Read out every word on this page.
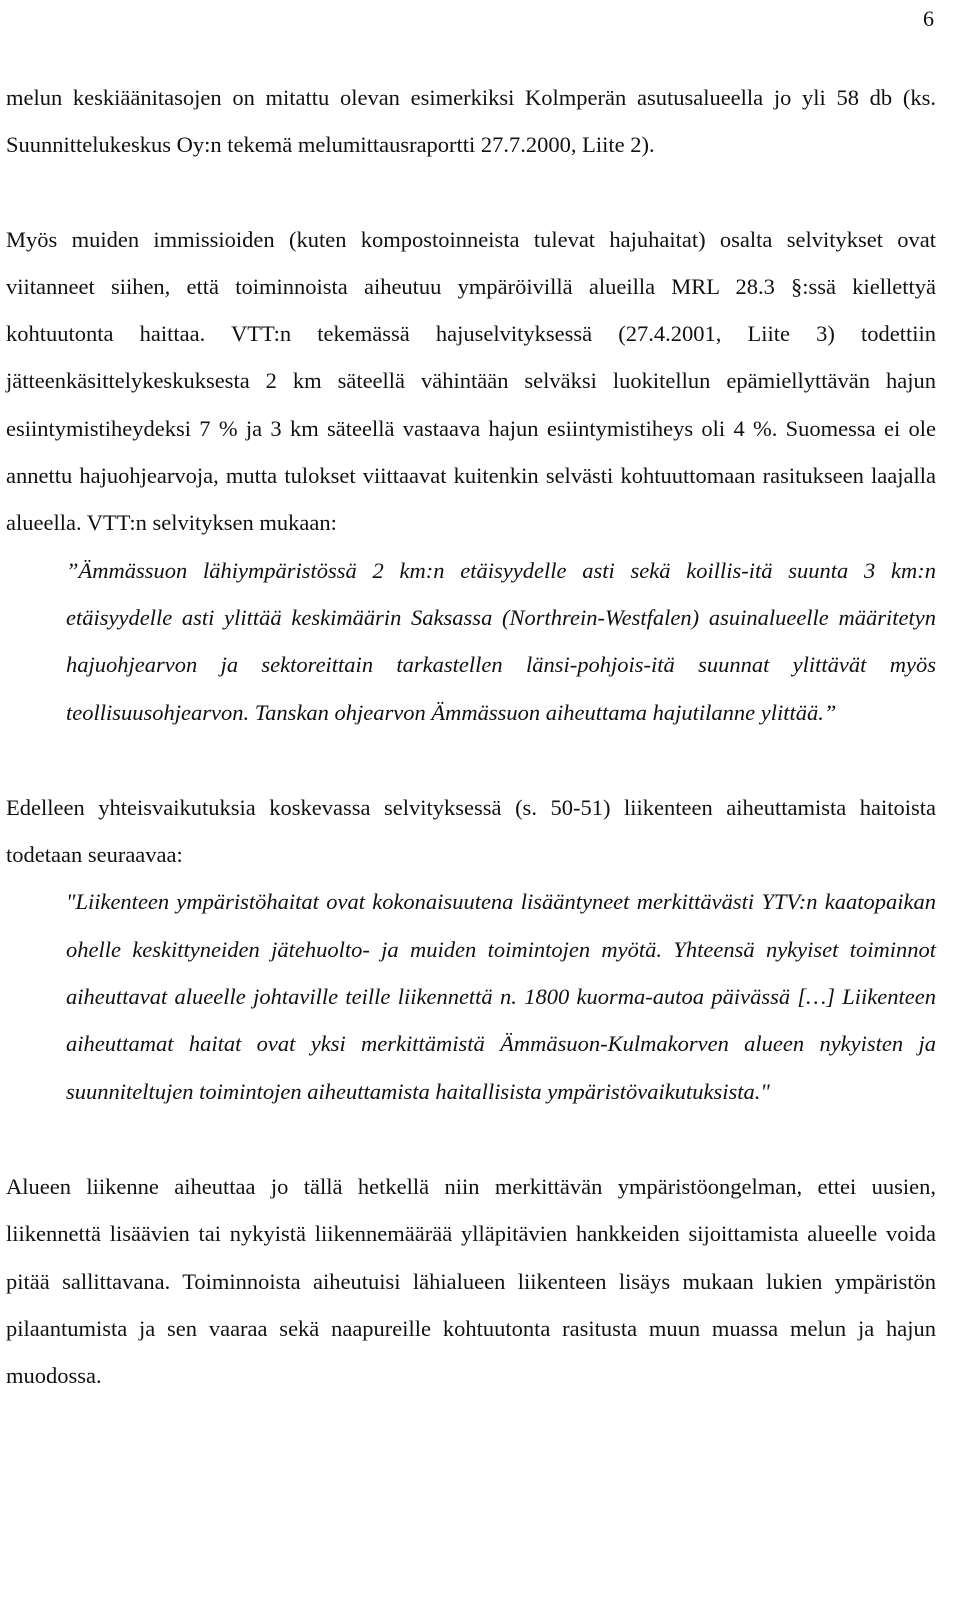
6

melun keskiäänitasojen on mitattu olevan esimerkiksi Kolmperän asutusalueella jo yli 58 db (ks. Suunnittelukeskus Oy:n tekemä melumittausraportti 27.7.2000, Liite 2).

Myös muiden immissioiden (kuten kompostoinneista tulevat hajuhaitat) osalta selvitykset ovat viitanneet siihen, että toiminnoista aiheutuu ympäröivillä alueilla MRL 28.3 §:ssä kiellettyä kohtuutonta haittaa. VTT:n tekemässä hajuselvityksessä (27.4.2001, Liite 3) todettiin jätteenkäsittelykeskuksesta 2 km säteellä vähintään selväksi luokitellun epämiellyttävän hajun esiintymistiheydeksi 7 % ja 3 km säteellä vastaava hajun esiintymistiheys oli 4 %. Suomessa ei ole annettu hajuohjearvoja, mutta tulokset viittaavat kuitenkin selvästi kohtuuttomaan rasitukseen laajalla alueella. VTT:n selvityksen mukaan:

”Ämmässuon lähiympäristössä 2 km:n etäisyydelle asti sekä koillis-itä suunta 3 km:n etäisyydelle asti ylittää keskimäärin Saksassa (Northrein-Westfalen) asuinalueelle määritetyn hajuohjearvon ja sektoreittain tarkastellen länsi-pohjois-itä suunnat ylittävät myös teollisuusohjearvon. Tanskan ohjearvon Ämmässuon aiheuttama hajutilanne ylittää.”

Edelleen yhteisvaikutuksia koskevassa selvityksessä (s. 50-51) liikenteen aiheuttamista haitoista todetaan seuraavaa:

"Liikenteen ympäristöhaitat ovat kokonaisuutena lisääntyneet merkittävästi YTV:n kaatopaikan ohelle keskittyneiden jätehuolto- ja muiden toimintojen myötä. Yhteensä nykyiset toiminnot aiheuttavat alueelle johtaville teille liikennettä n. 1800 kuorma-autoa päivässä […] Liikenteen aiheuttamat haitat ovat yksi merkittämistä Ämmäsuon-Kulmakorven alueen nykyisten ja suunniteltujen toimintojen aiheuttamista haitallisista ympäristövaikutuksista."

Alueen liikenne aiheuttaa jo tällä hetkellä niin merkittävän ympäristöongelman, ettei uusien, liikennettä lisäävien tai nykyistä liikennemäärää ylläpitävien hankkeiden sijoittamista alueelle voida pitää sallittavana. Toiminnoista aiheutuisi lähialueen liikenteen lisäys mukaan lukien ympäristön pilaantumista ja sen vaaraa sekä naapureille kohtuutonta rasitusta muun muassa melun ja hajun muodossa.
